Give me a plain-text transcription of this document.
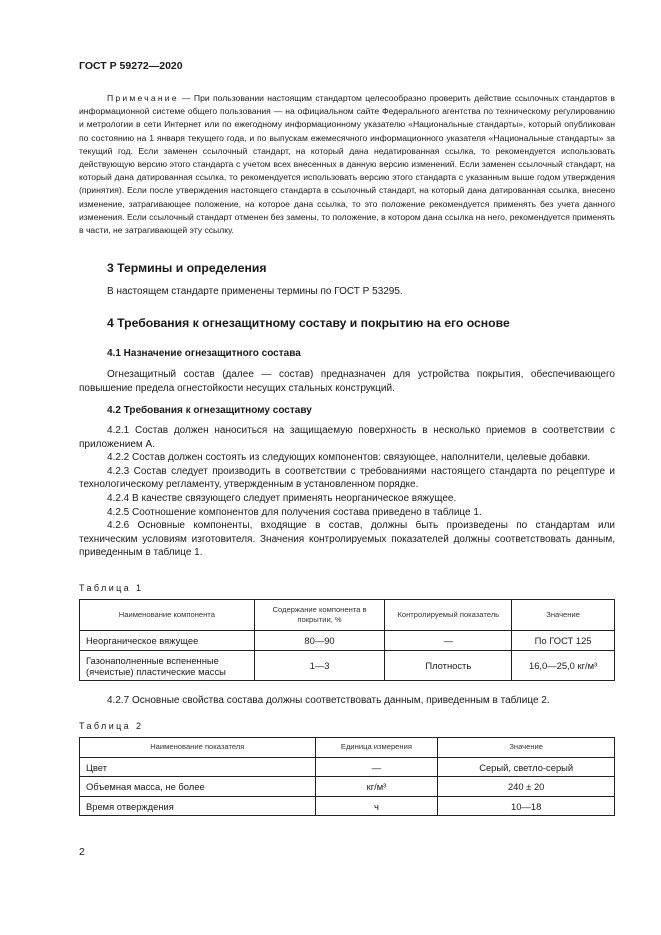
ГОСТ Р 59272—2020

Примечание — При пользовании настоящим стандартом целесообразно проверить действие ссылочных стандартов в информационной системе общего пользования — на официальном сайте Федерального агентства по техническому регулированию и метрологии в сети Интернет или по ежегодному информационному указателю «Национальные стандарты», который опубликован по состоянию на 1 января текущего года, и по выпускам ежемесячного информационного указателя «Национальные стандарты» за текущий год. Если заменен ссылочный стандарт, на который дана недатированная ссылка, то рекомендуется использовать действующую версию этого стандарта с учетом всех внесенных в данную версию изменений. Если заменен ссылочный стандарт, на который дана датированная ссылка, то рекомендуется использовать версию этого стандарта с указанным выше годом утверждения (принятия). Если после утверждения настоящего стандарта в ссылочный стандарт, на который дана датированная ссылка, внесено изменение, затрагивающее положение, на которое дана ссылка, то это положение рекомендуется применять без учета данного изменения. Если ссылочный стандарт отменен без замены, то положение, в котором дана ссылка на него, рекомендуется применять в части, не затрагивающей эту ссылку.

3 Термины и определения

В настоящем стандарте применены термины по ГОСТ Р 53295.

4 Требования к огнезащитному составу и покрытию на его основе
4.1 Назначение огнезащитного состава

Огнезащитный состав (далее — состав) предназначен для устройства покрытия, обеспечивающего повышение предела огнестойкости несущих стальных конструкций.

4.2 Требования к огнезащитному составу

4.2.1 Состав должен наноситься на защищаемую поверхность в несколько приемов в соответствии с приложением А.

4.2.2 Состав должен состоять из следующих компонентов: связующее, наполнители, целевые добавки.

4.2.3 Состав следует производить в соответствии с требованиями настоящего стандарта по рецептуре и технологическому регламенту, утвержденным в установленном порядке.

4.2.4 В качестве связующего следует применять неорганическое вяжущее.

4.2.5 Соотношение компонентов для получения состава приведено в таблице 1.

4.2.6 Основные компоненты, входящие в состав, должны быть произведены по стандартам или техническим условиям изготовителя. Значения контролируемых показателей должны соответствовать данным, приведенным в таблице 1.

Таблица 1
Наименование компонента	Содержание компонента в покрытии, %	Контролируемый показатель	Значение
Неорганическое вяжущее	80—90	—	По ГОСТ 125
Газонаполненные вспененные (ячеистые) пластические массы	1—3	Плотность	16,0—25,0 кг/м³

4.2.7 Основные свойства состава должны соответствовать данным, приведенным в таблице 2.

Таблица 2
Наименование показателя	Единица измерения	Значение
Цвет	—	Серый, светло-серый
Объемная масса, не более	кг/м³	240 ± 20
Время отверждения	ч	10—18
2
